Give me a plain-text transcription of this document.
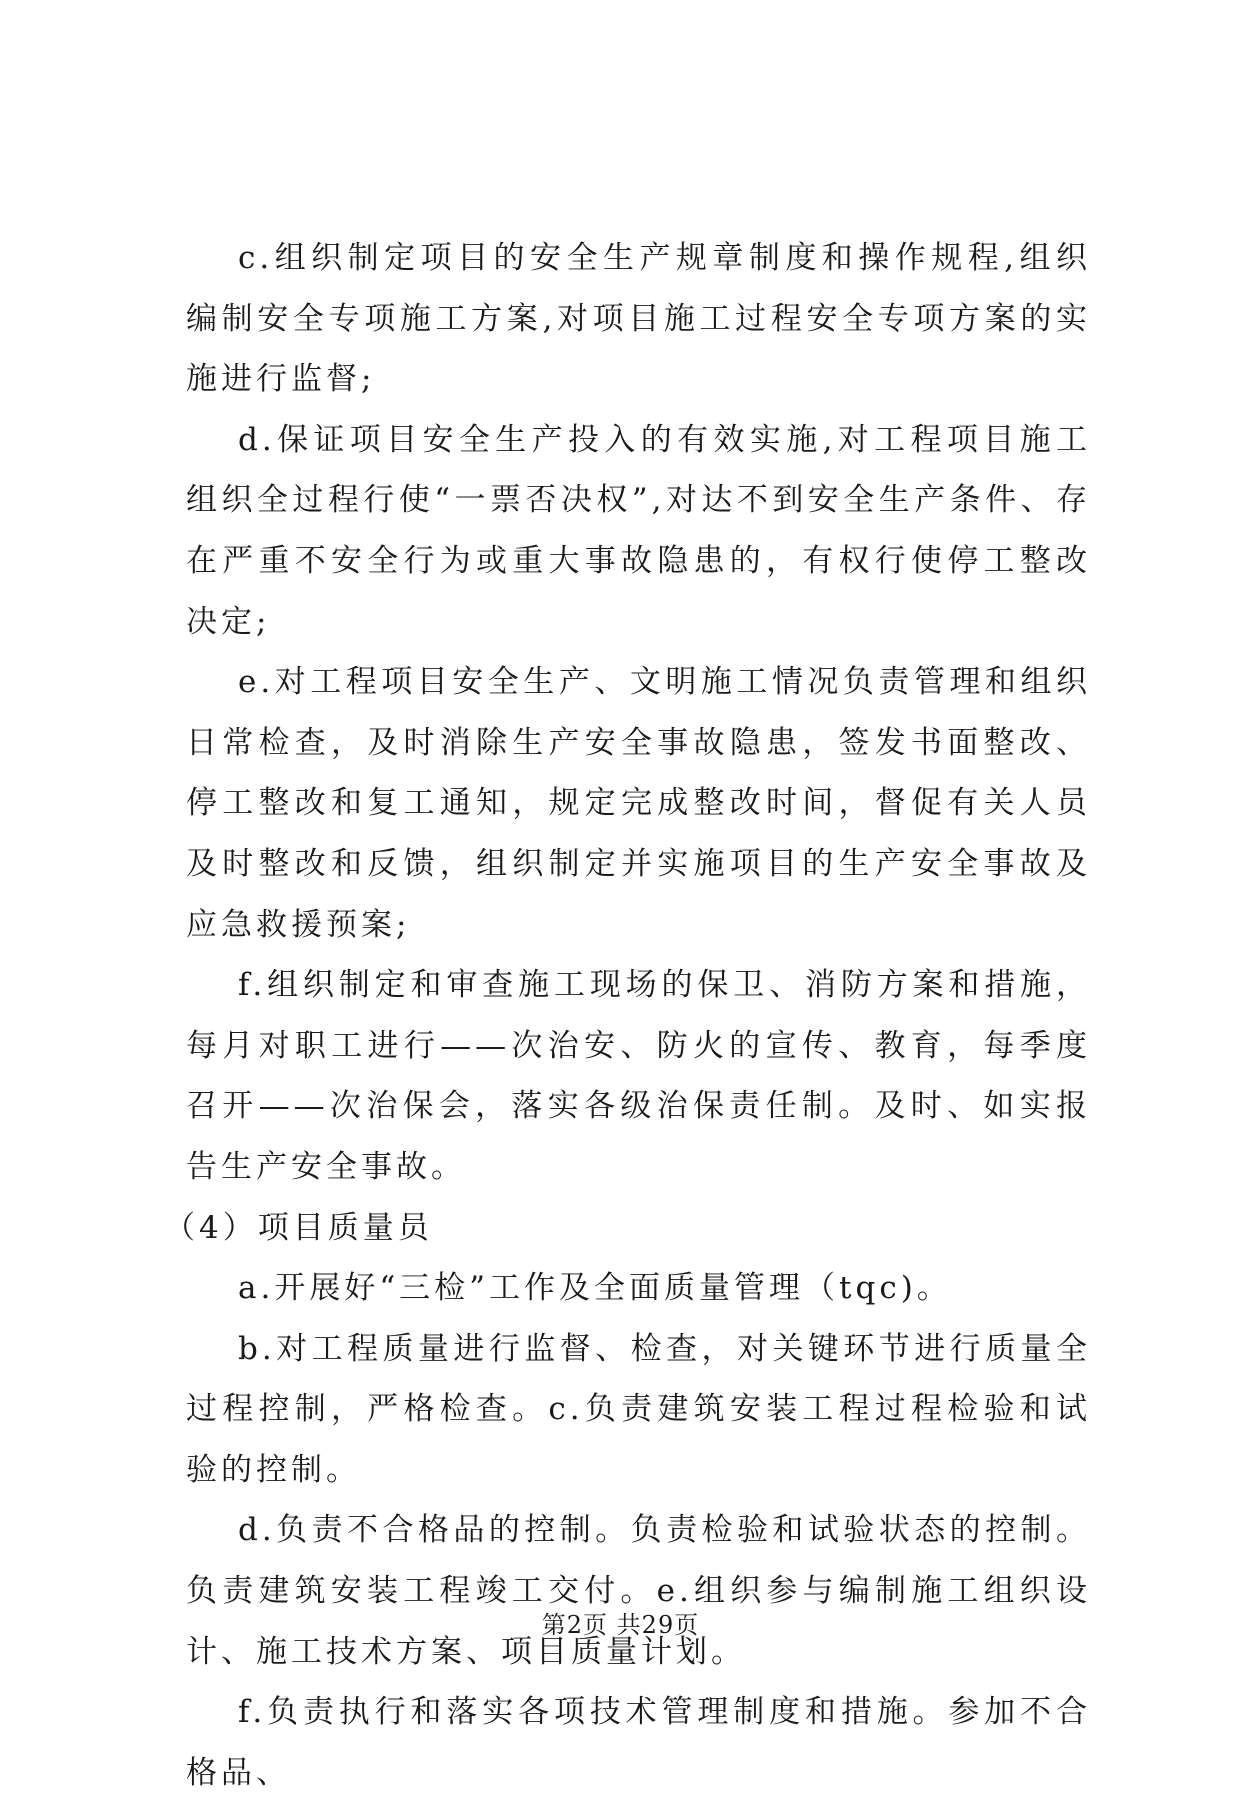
c.组织制定项目的安全生产规章制度和操作规程,组织编制安全专项施工方案,对项目施工过程安全专项方案的实施进行监督;

d.保证项目安全生产投入的有效实施,对工程项目施工组织全过程行使“一票否决权”,对达不到安全生产条件、存在严重不安全行为或重大事故隐患的，有权行使停工整改决定;

e.对工程项目安全生产、文明施工情况负责管理和组织日常检查，及时消除生产安全事故隐患，签发书面整改、停工整改和复工通知，规定完成整改时间，督促有关人员及时整改和反馈，组织制定并实施项目的生产安全事故及应急救援预案;

f.组织制定和审查施工现场的保卫、消防方案和措施，每月对职工进行——次治安、防火的宣传、教育，每季度召开——次治保会，落实各级治保责任制。及时、如实报告生产安全事故。

（4）项目质量员

a.开展好“三检”工作及全面质量管理（tqc)。

b.对工程质量进行监督、检查，对关键环节进行质量全过程控制，严格检查。c.负责建筑安装工程过程检验和试验的控制。

d.负责不合格品的控制。负责检验和试验状态的控制。负责建筑安装工程竣工交付。e.组织参与编制施工组织设计、施工技术方案、项目质量计划。

f.负责执行和落实各项技术管理制度和措施。参加不合格品、

第2页 共29页
